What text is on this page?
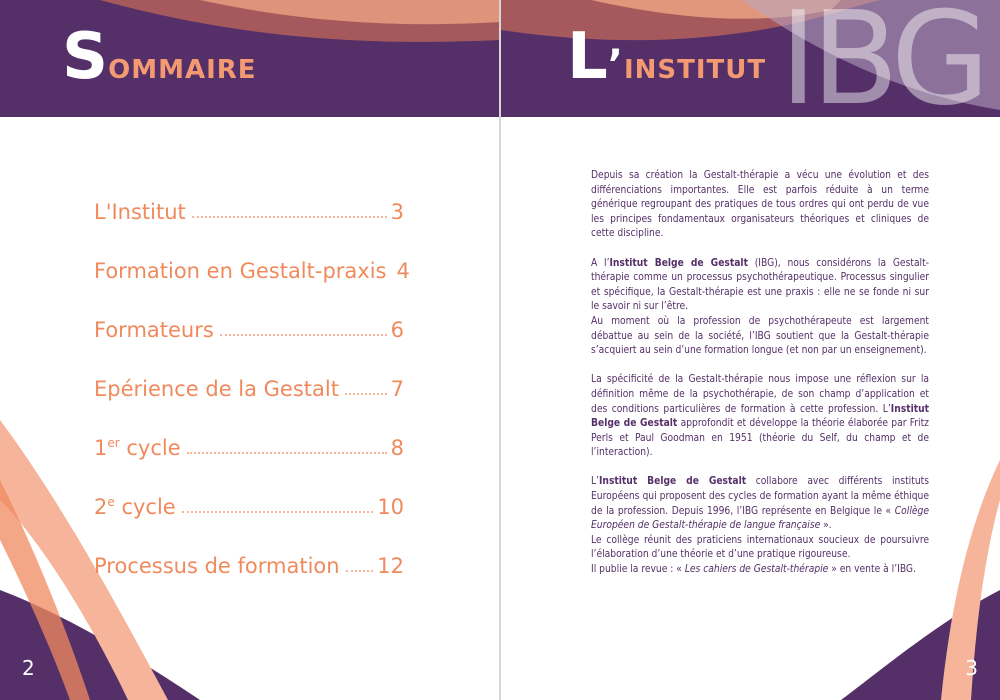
SOMMAIRE
L'Institut	3
Formation en Gestalt-praxis 4
Formateurs	6
Epérience de la Gestalt 7
1er cycle	8
2e cycle	10
Processus de formation 12
2
IBG
L’INSTITUT

Depuis sa création la Gestalt-thérapie a vécu une évolution et des différenciations importantes. Elle est parfois réduite à un terme générique regroupant des pratiques de tous ordres qui ont perdu de vue les principes fondamentaux organisateurs théoriques et cliniques de cette discipline.

A l’Institut Belge de Gestalt (IBG), nous considérons la Gestalt-thérapie comme un processus psychothérapeutique. Processus singulier et spécifique, la Gestalt-thérapie est une praxis : elle ne se fonde ni sur le savoir ni sur l’être.

Au moment où la profession de psychothérapeute est largement débattue au sein de la société, l’IBG soutient que la Gestalt-thérapie s’acquiert au sein d’une formation longue (et non par un enseignement).

La spécificité de la Gestalt-thérapie nous impose une réflexion sur la définition même de la psychothérapie, de son champ d’application et des conditions particulières de formation à cette profession. L’Institut Belge de Gestalt approfondit et développe la théorie élaborée par Fritz Perls et Paul Goodman en 1951 (théorie du Self, du champ et de l’interaction).

L’Institut Belge de Gestalt collabore avec différents instituts Européens qui proposent des cycles de formation ayant la même éthique de la profession. Depuis 1996, l’IBG représente en Belgique le « Collège Européen de Gestalt-thérapie de langue française ».

Le collège réunit des praticiens internationaux soucieux de poursuivre l’élaboration d’une théorie et d’une pratique rigoureuse.

Il publie la revue : « Les cahiers de Gestalt-thérapie » en vente à l’IBG.

3
